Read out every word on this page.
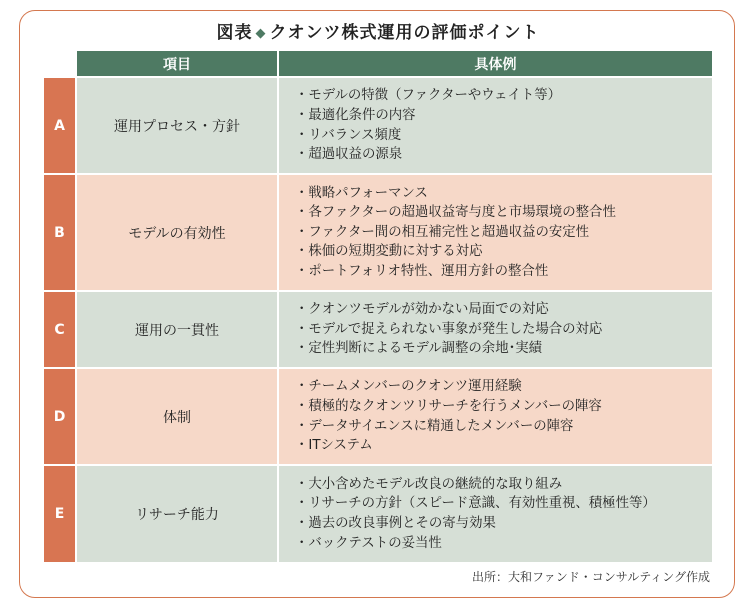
図表 ◆ クオンツ株式運用の評価ポイント
項目	具体例
A	運用プロセス・方針
・モデルの特徴（ファクターやウェイト等）
・最適化条件の内容
・リバランス頻度
・超過収益の源泉
B	モデルの有効性
・戦略パフォーマンス
・各ファクターの超過収益寄与度と市場環境の整合性
・ファクター間の相互補完性と超過収益の安定性
・株価の短期変動に対する対応
・ポートフォリオ特性、運用方針の整合性
C	運用の一貫性
・クオンツモデルが効かない局面での対応
・モデルで捉えられない事象が発生した場合の対応
・定性判断によるモデル調整の余地･実績
D	体制
・チームメンバーのクオンツ運用経験
・積極的なクオンツリサーチを行うメンバーの陣容
・データサイエンスに精通したメンバーの陣容
・ITシステム
E	リサーチ能力
・大小含めたモデル改良の継続的な取り組み
・リサーチの方針（スピード意識、有効性重視、積極性等）
・過去の改良事例とその寄与効果
・バックテストの妥当性
出所：大和ファンド・コンサルティング作成
